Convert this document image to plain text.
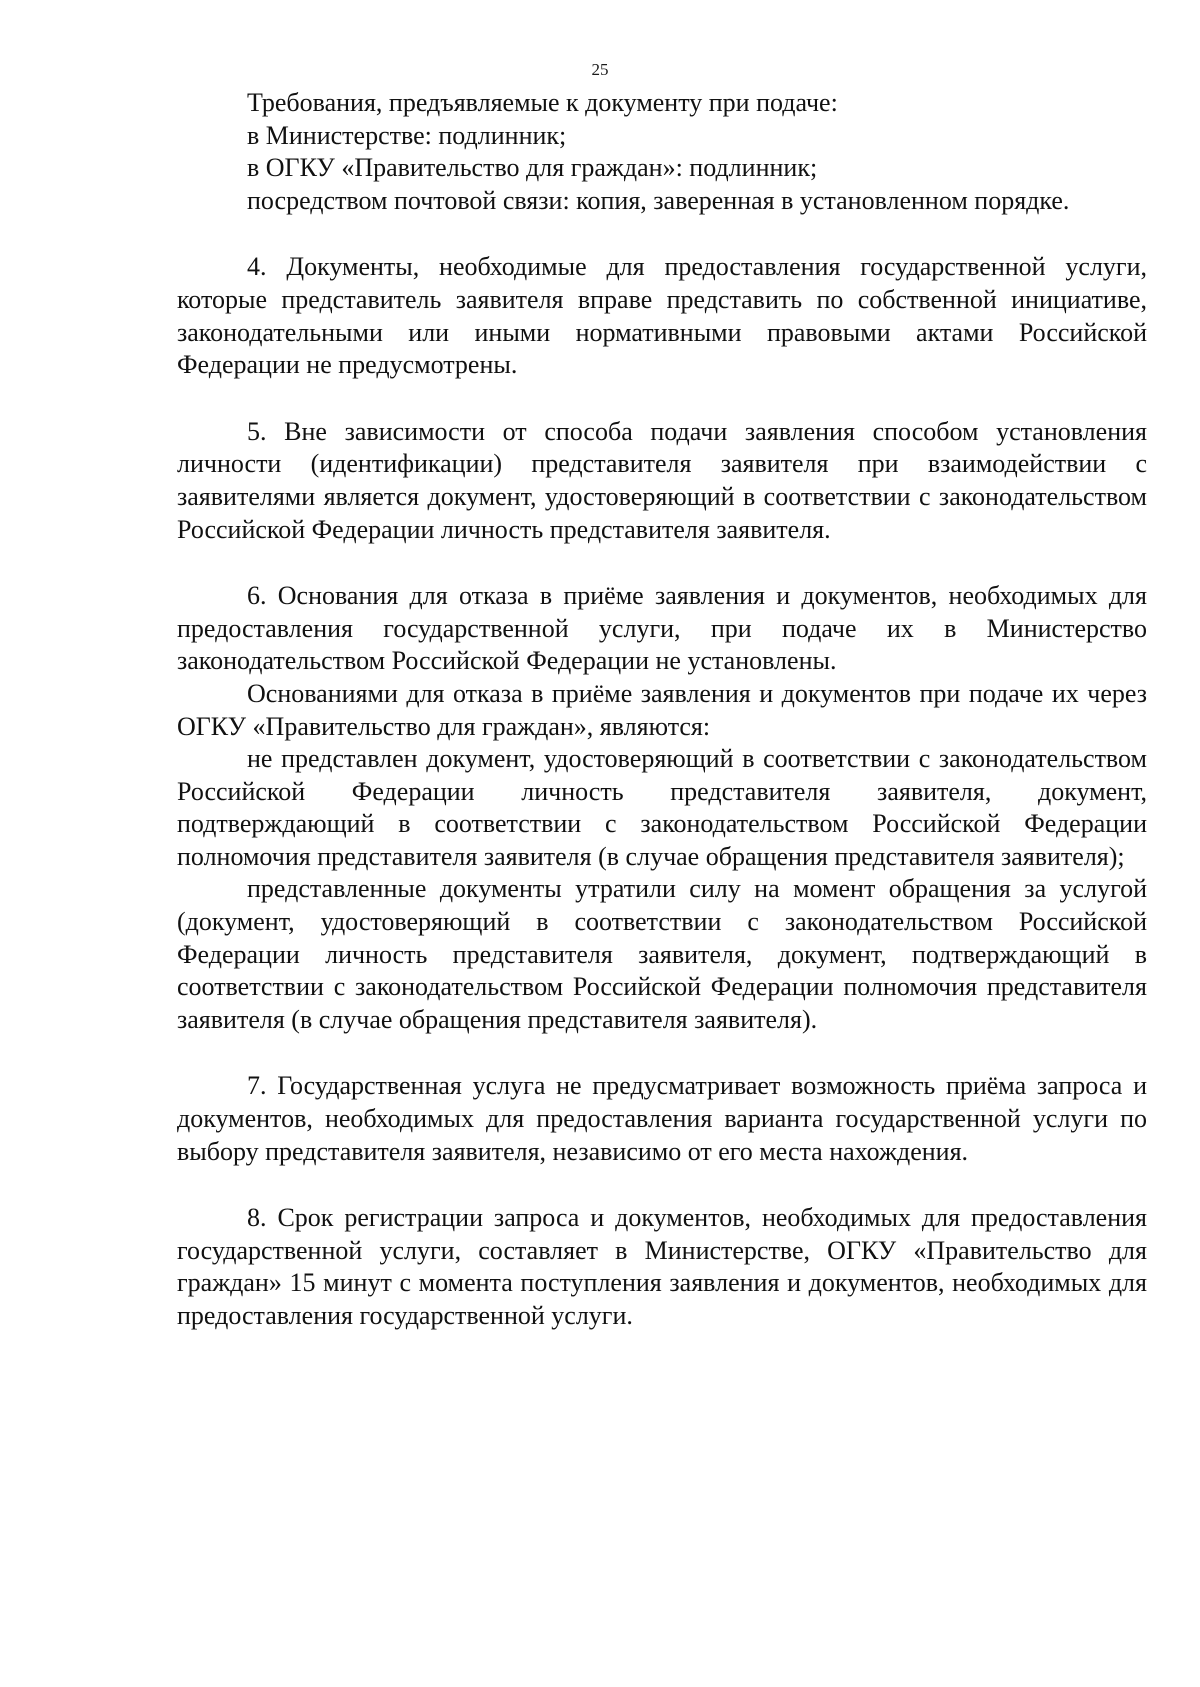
25

Требования, предъявляемые к документу при подаче:

в Министерстве: подлинник;

в ОГКУ «Правительство для граждан»: подлинник;

посредством почтовой связи: копия, заверенная в установленном порядке.

4. Документы, необходимые для предоставления государственной услуги, которые представитель заявителя вправе представить по собственной инициативе, законодательными или иными нормативными правовыми актами Российской Федерации не предусмотрены.

5. Вне зависимости от способа подачи заявления способом установления личности (идентификации) представителя заявителя при взаимодействии с заявителями является документ, удостоверяющий в соответствии с законодательством Российской Федерации личность представителя заявителя.

6. Основания для отказа в приёме заявления и документов, необходимых для предоставления государственной услуги, при подаче их в Министерство законодательством Российской Федерации не установлены.

Основаниями для отказа в приёме заявления и документов при подаче их через ОГКУ «Правительство для граждан», являются:

не представлен документ, удостоверяющий в соответствии с законодательством Российской Федерации личность представителя заявителя, документ, подтверждающий в соответствии с законодательством Российской Федерации полномочия представителя заявителя (в случае обращения представителя заявителя);

представленные документы утратили силу на момент обращения за услугой (документ, удостоверяющий в соответствии с законодательством Российской Федерации личность представителя заявителя, документ, подтверждающий в соответствии с законодательством Российской Федерации полномочия представителя заявителя (в случае обращения представителя заявителя).

7. Государственная услуга не предусматривает возможность приёма запроса и документов, необходимых для предоставления варианта государственной услуги по выбору представителя заявителя, независимо от его места нахождения.

8. Срок регистрации запроса и документов, необходимых для предоставления государственной услуги, составляет в Министерстве, ОГКУ «Правительство для граждан» 15 минут с момента поступления заявления и документов, необходимых для предоставления государственной услуги.
